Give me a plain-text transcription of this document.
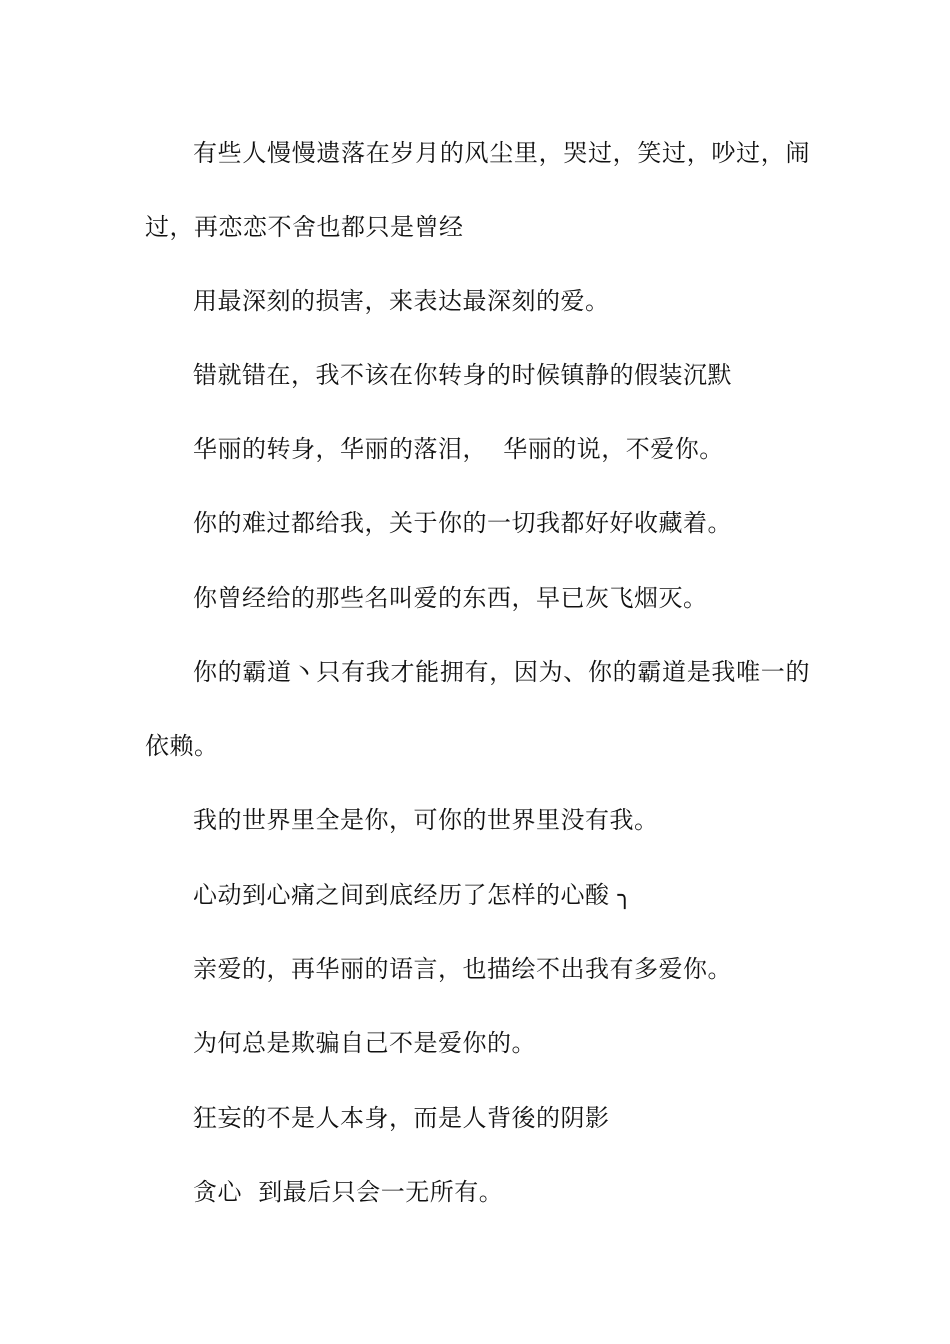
有些人慢慢遗落在岁月的风尘里，哭过，笑过，吵过，闹过，再恋恋不舍也都只是曾经

用最深刻的损害，来表达最深刻的爱。

错就错在，我不该在你转身的时候镇静的假装沉默

华丽的转身，华丽的落泪，  华丽的说，不爱你。

你的难过都给我，关于你的一切我都好好收藏着。

你曾经给的那些名叫爱的东西，早已灰飞烟灭。

你的霸道丶只有我才能拥有，因为、你的霸道是我唯一的依赖。

我的世界里全是你，可你的世界里没有我。

心动到心痛之间到底经历了怎样的心酸 ╮

亲爱的，再华丽的语言，也描绘不出我有多爱你。

为何总是欺骗自己不是爱你的。

狂妄的不是人本身，而是人背後的阴影

贪心  到最后只会一无所有。
